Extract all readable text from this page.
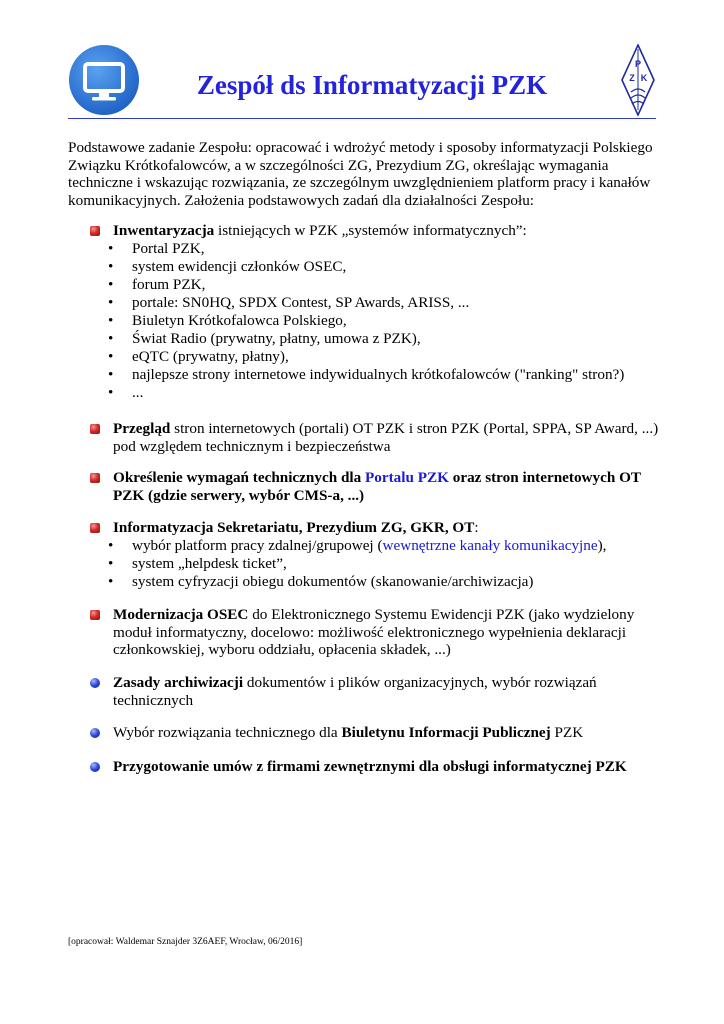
Zespół ds Informatyzacji PZK
P
Z K
Podstawowe zadanie Zespołu: opracować i wdrożyć metody i sposoby informatyzacji Polskiego Związku Krótkofalowców, a w szczególności ZG, Prezydium ZG, określając wymagania techniczne i wskazując rozwiązania, ze szczególnym uwzględnieniem platform pracy i kanałów komunikacyjnych. Założenia podstawowych zadań dla działalności Zespołu:
Inwentaryzacja istniejących w PZK „systemów informatycznych”:
• Portal PZK,
• system ewidencji członków OSEC,
• forum PZK,
• portale: SN0HQ, SPDX Contest, SP Awards, ARISS, ...
• Biuletyn Krótkofalowca Polskiego,
• Świat Radio (prywatny, płatny, umowa z PZK),
• eQTC (prywatny, płatny),
• najlepsze strony internetowe indywidualnych krótkofalowców ("ranking" stron?)
• ...
Przegląd stron internetowych (portali) OT PZK i stron PZK (Portal, SPPA, SP Award, ...) pod względem technicznym i bezpieczeństwa
Określenie wymagań technicznych dla Portalu PZK oraz stron internetowych OT PZK (gdzie serwery, wybór CMS-a, ...)
Informatyzacja Sekretariatu, Prezydium ZG, GKR, OT:
• wybór platform pracy zdalnej/grupowej (wewnętrzne kanały komunikacyjne),
• system „helpdesk ticket”,
• system cyfryzacji obiegu dokumentów (skanowanie/archiwizacja)
Modernizacja OSEC do Elektronicznego Systemu Ewidencji PZK (jako wydzielony moduł informatyczny, docelowo: możliwość elektronicznego wypełnienia deklaracji członkowskiej, wyboru oddziału, opłacenia składek, ...)
Zasady archiwizacji dokumentów i plików organizacyjnych, wybór rozwiązań technicznych
Wybór rozwiązania technicznego dla Biuletynu Informacji Publicznej PZK
Przygotowanie umów z firmami zewnętrznymi dla obsługi informatycznej PZK
[opracował: Waldemar Sznajder 3Z6AEF, Wrocław, 06/2016]
